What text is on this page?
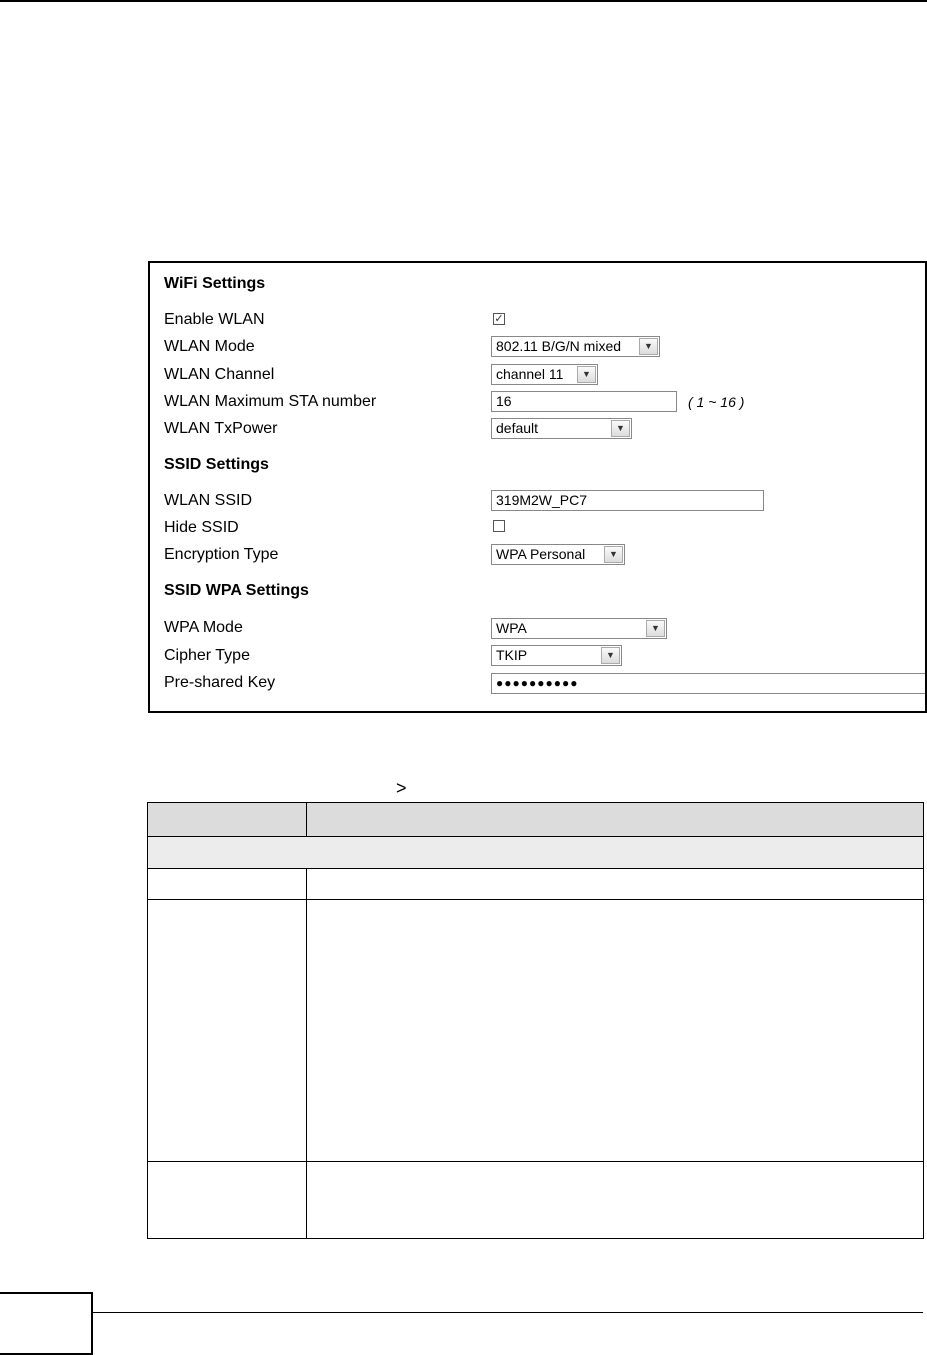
WiFi Settings
Enable WLAN	✓
WLAN Mode	802.11 B/G/N mixed	▼
WLAN Channel	channel 11	▼
WLAN Maximum STA number	16	( 1 ~ 16 )
WLAN TxPower	default	▼
SSID Settings
WLAN SSID	319M2W_PC7
Hide SSID
Encryption Type	WPA Personal	▼
SSID WPA Settings
WPA Mode	WPA	▼
Cipher Type	TKIP	▼
Pre-shared Key	●●●●●●●●●●
>
